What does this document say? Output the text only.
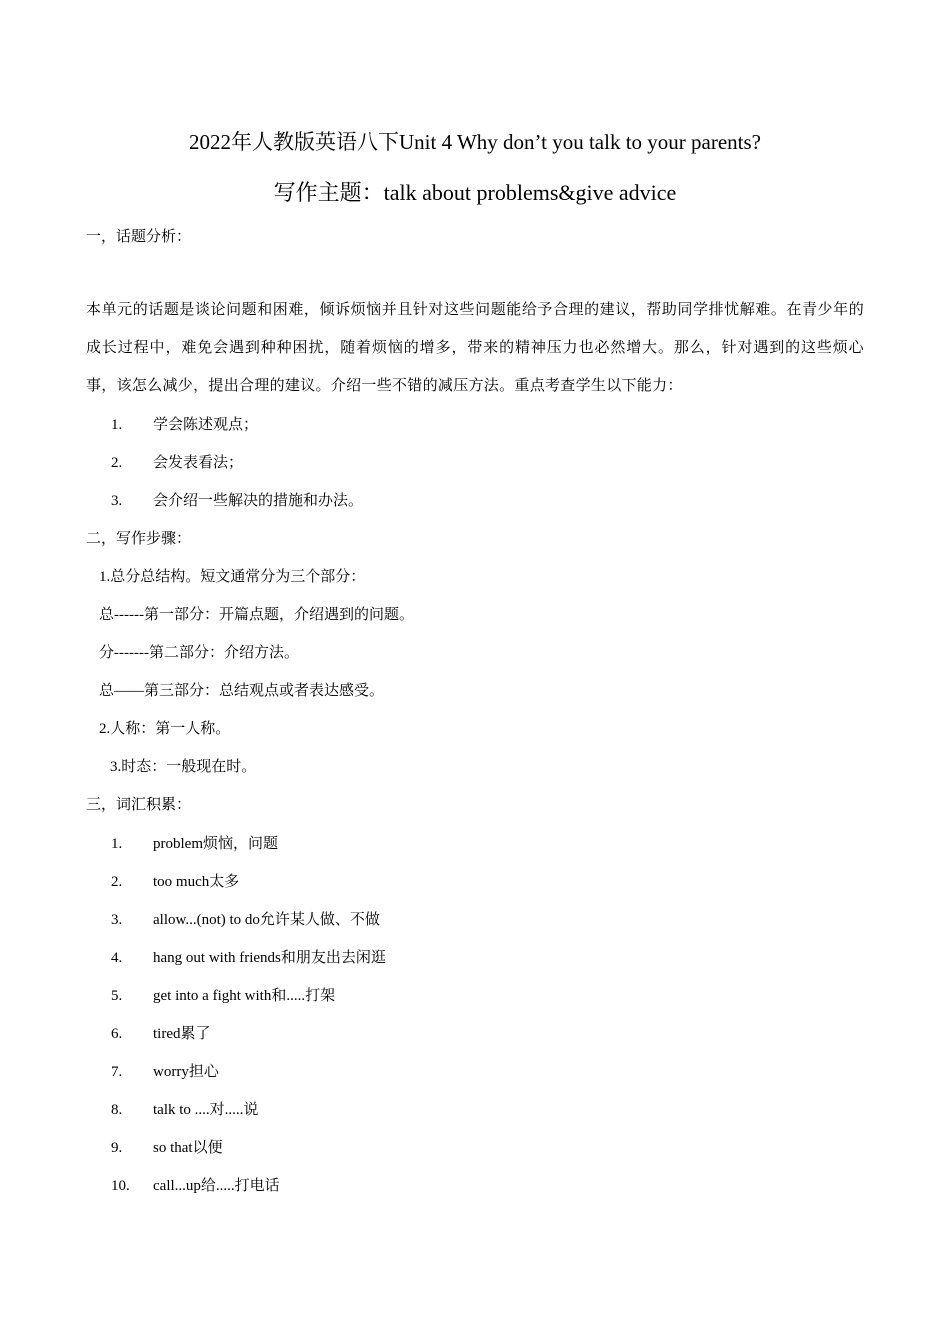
2022年人教版英语八下Unit 4 Why don’t you talk to your parents?
写作主题：talk about problems&give advice
一，话题分析：
本单元的话题是谈论问题和困难，倾诉烦恼并且针对这些问题能给予合理的建议，帮助同学排忧解难。在青少年的成长过程中，难免会遇到种种困扰，随着烦恼的增多，带来的精神压力也必然增大。那么，针对遇到的这些烦心事，该怎么减少，提出合理的建议。介绍一些不错的减压方法。重点考查学生以下能力：
1. 学会陈述观点；
2. 会发表看法；
3. 会介绍一些解决的措施和办法。
二，写作步骤：
1.总分总结构。短文通常分为三个部分：
总------第一部分：开篇点题，介绍遇到的问题。
分-------第二部分：介绍方法。
总——第三部分：总结观点或者表达感受。
2.人称：第一人称。
3.时态：一般现在时。
三，词汇积累：
1. problem烦恼，问题
2. too much太多
3. allow...(not) to do允许某人做、不做
4. hang out with friends和朋友出去闲逛
5. get into a fight with和.....打架
6. tired累了
7. worry担心
8. talk to ....对.....说
9. so that以便
10. call...up给.....打电话
